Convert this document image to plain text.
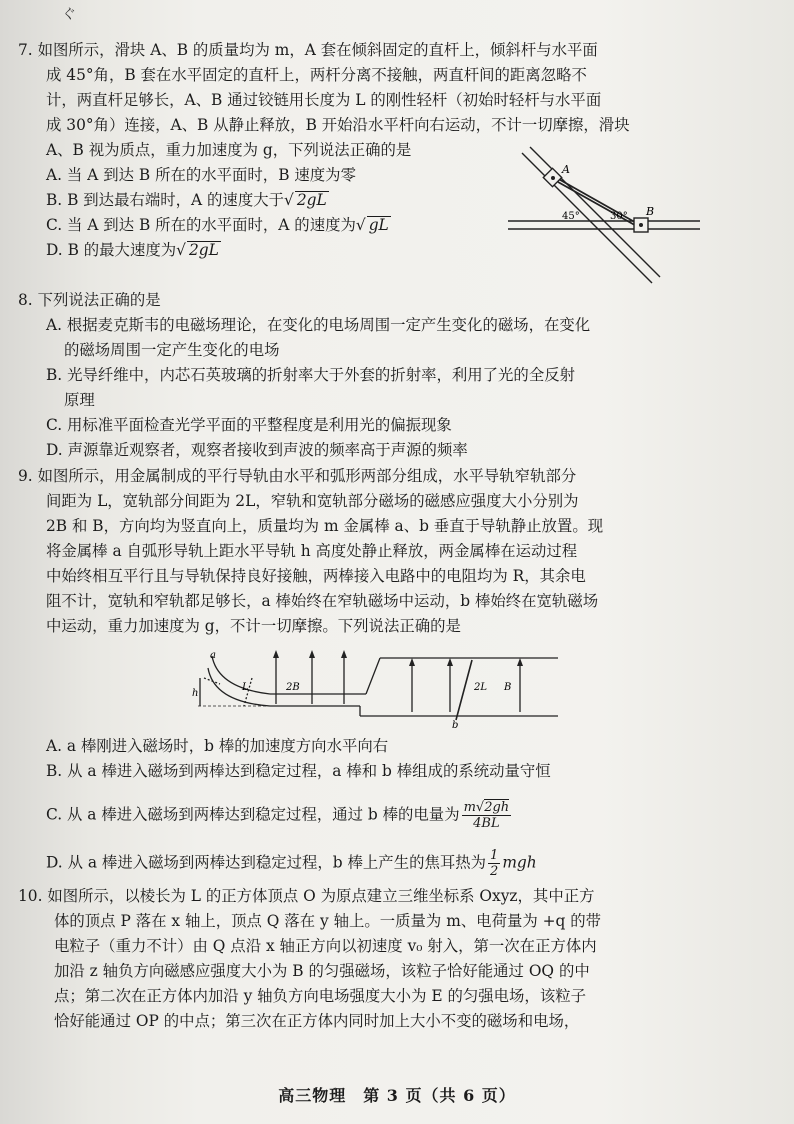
ぐ
7. 如图所示，滑块 A、B 的质量均为 m，A 套在倾斜固定的直杆上，倾斜杆与水平面
成 45°角，B 套在水平固定的直杆上，两杆分离不接触，两直杆间的距离忽略不
计，两直杆足够长，A、B 通过铰链用长度为 L 的刚性轻杆（初始时轻杆与水平面
成 30°角）连接，A、B 从静止释放，B 开始沿水平杆向右运动，不计一切摩擦，滑块
A、B 视为质点，重力加速度为 g，下列说法正确的是
A. 当 A 到达 B 所在的水平面时，B 速度为零
B. B 到达最右端时，A 的速度大于√ 2gL
C. 当 A 到达 B 所在的水平面时，A 的速度为√ gL
D. B 的最大速度为√ 2gL
A
B
45°	30°
8. 下列说法正确的是
A. 根据麦克斯韦的电磁场理论，在变化的电场周围一定产生变化的磁场，在变化
的磁场周围一定产生变化的电场
B. 光导纤维中，内芯石英玻璃的折射率大于外套的折射率，利用了光的全反射
原理
C. 用标准平面检查光学平面的平整程度是利用光的偏振现象
D. 声源靠近观察者，观察者接收到声波的频率高于声源的频率
9. 如图所示，用金属制成的平行导轨由水平和弧形两部分组成，水平导轨窄轨部分
间距为 L，宽轨部分间距为 2L，窄轨和宽轨部分磁场的磁感应强度大小分别为
2B 和 B，方向均为竖直向上，质量均为 m 金属棒 a、b 垂直于导轨静止放置。现
将金属棒 a 自弧形导轨上距水平导轨 h 高度处静止释放，两金属棒在运动过程
中始终相互平行且与导轨保持良好接触，两棒接入电路中的电阻均为 R，其余电
阻不计，宽轨和窄轨都足够长，a 棒始终在窄轨磁场中运动，b 棒始终在宽轨磁场
中运动，重力加速度为 g，不计一切摩擦。下列说法正确的是
a
h
L	2B	2L B
b
A. a 棒刚进入磁场时，b 棒的加速度方向水平向右
B. 从 a 棒进入磁场到两棒达到稳定过程，a 棒和 b 棒组成的系统动量守恒
C. 从 a 棒进入磁场到两棒达到稳定过程，通过 b 棒的电量为 $\frac{m√2gh}{4BL}$
D. 从 a 棒进入磁场到两棒达到稳定过程，b 棒上产生的焦耳热为 $\frac{1}{2}$ mgh
10. 如图所示，以棱长为 L 的正方体顶点 O 为原点建立三维坐标系 Oxyz，其中正方
体的顶点 P 落在 x 轴上，顶点 Q 落在 y 轴上。一质量为 m、电荷量为 +q 的带
电粒子（重力不计）由 Q 点沿 x 轴正方向以初速度 v₀ 射入，第一次在正方体内
加沿 z 轴负方向磁感应强度大小为 B 的匀强磁场，该粒子恰好能通过 OQ 的中
点；第二次在正方体内加沿 y 轴负方向电场强度大小为 E 的匀强电场，该粒子
恰好能通过 OP 的中点；第三次在正方体内同时加上大小不变的磁场和电场，
高三物理　第 3 页（共 6 页）
